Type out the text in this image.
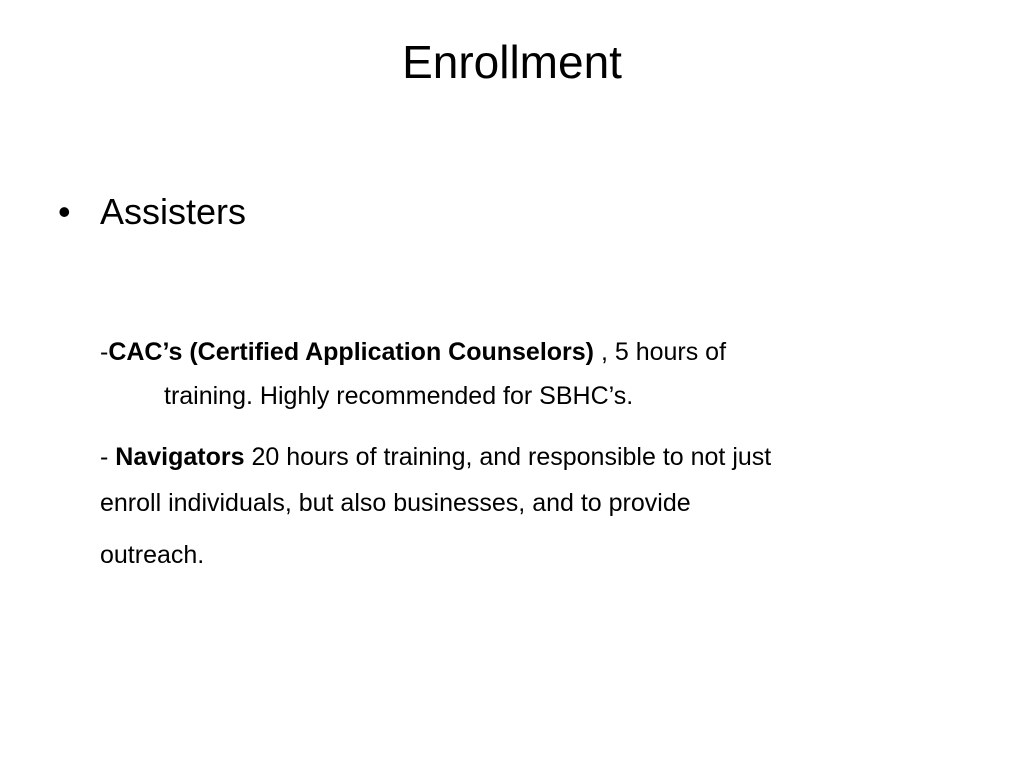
Enrollment
• Assisters
-CAC’s (Certified Application Counselors) , 5 hours of
training. Highly recommended for SBHC’s.
- Navigators 20 hours of training, and responsible to not just
enroll individuals, but also businesses, and to provide
outreach.
